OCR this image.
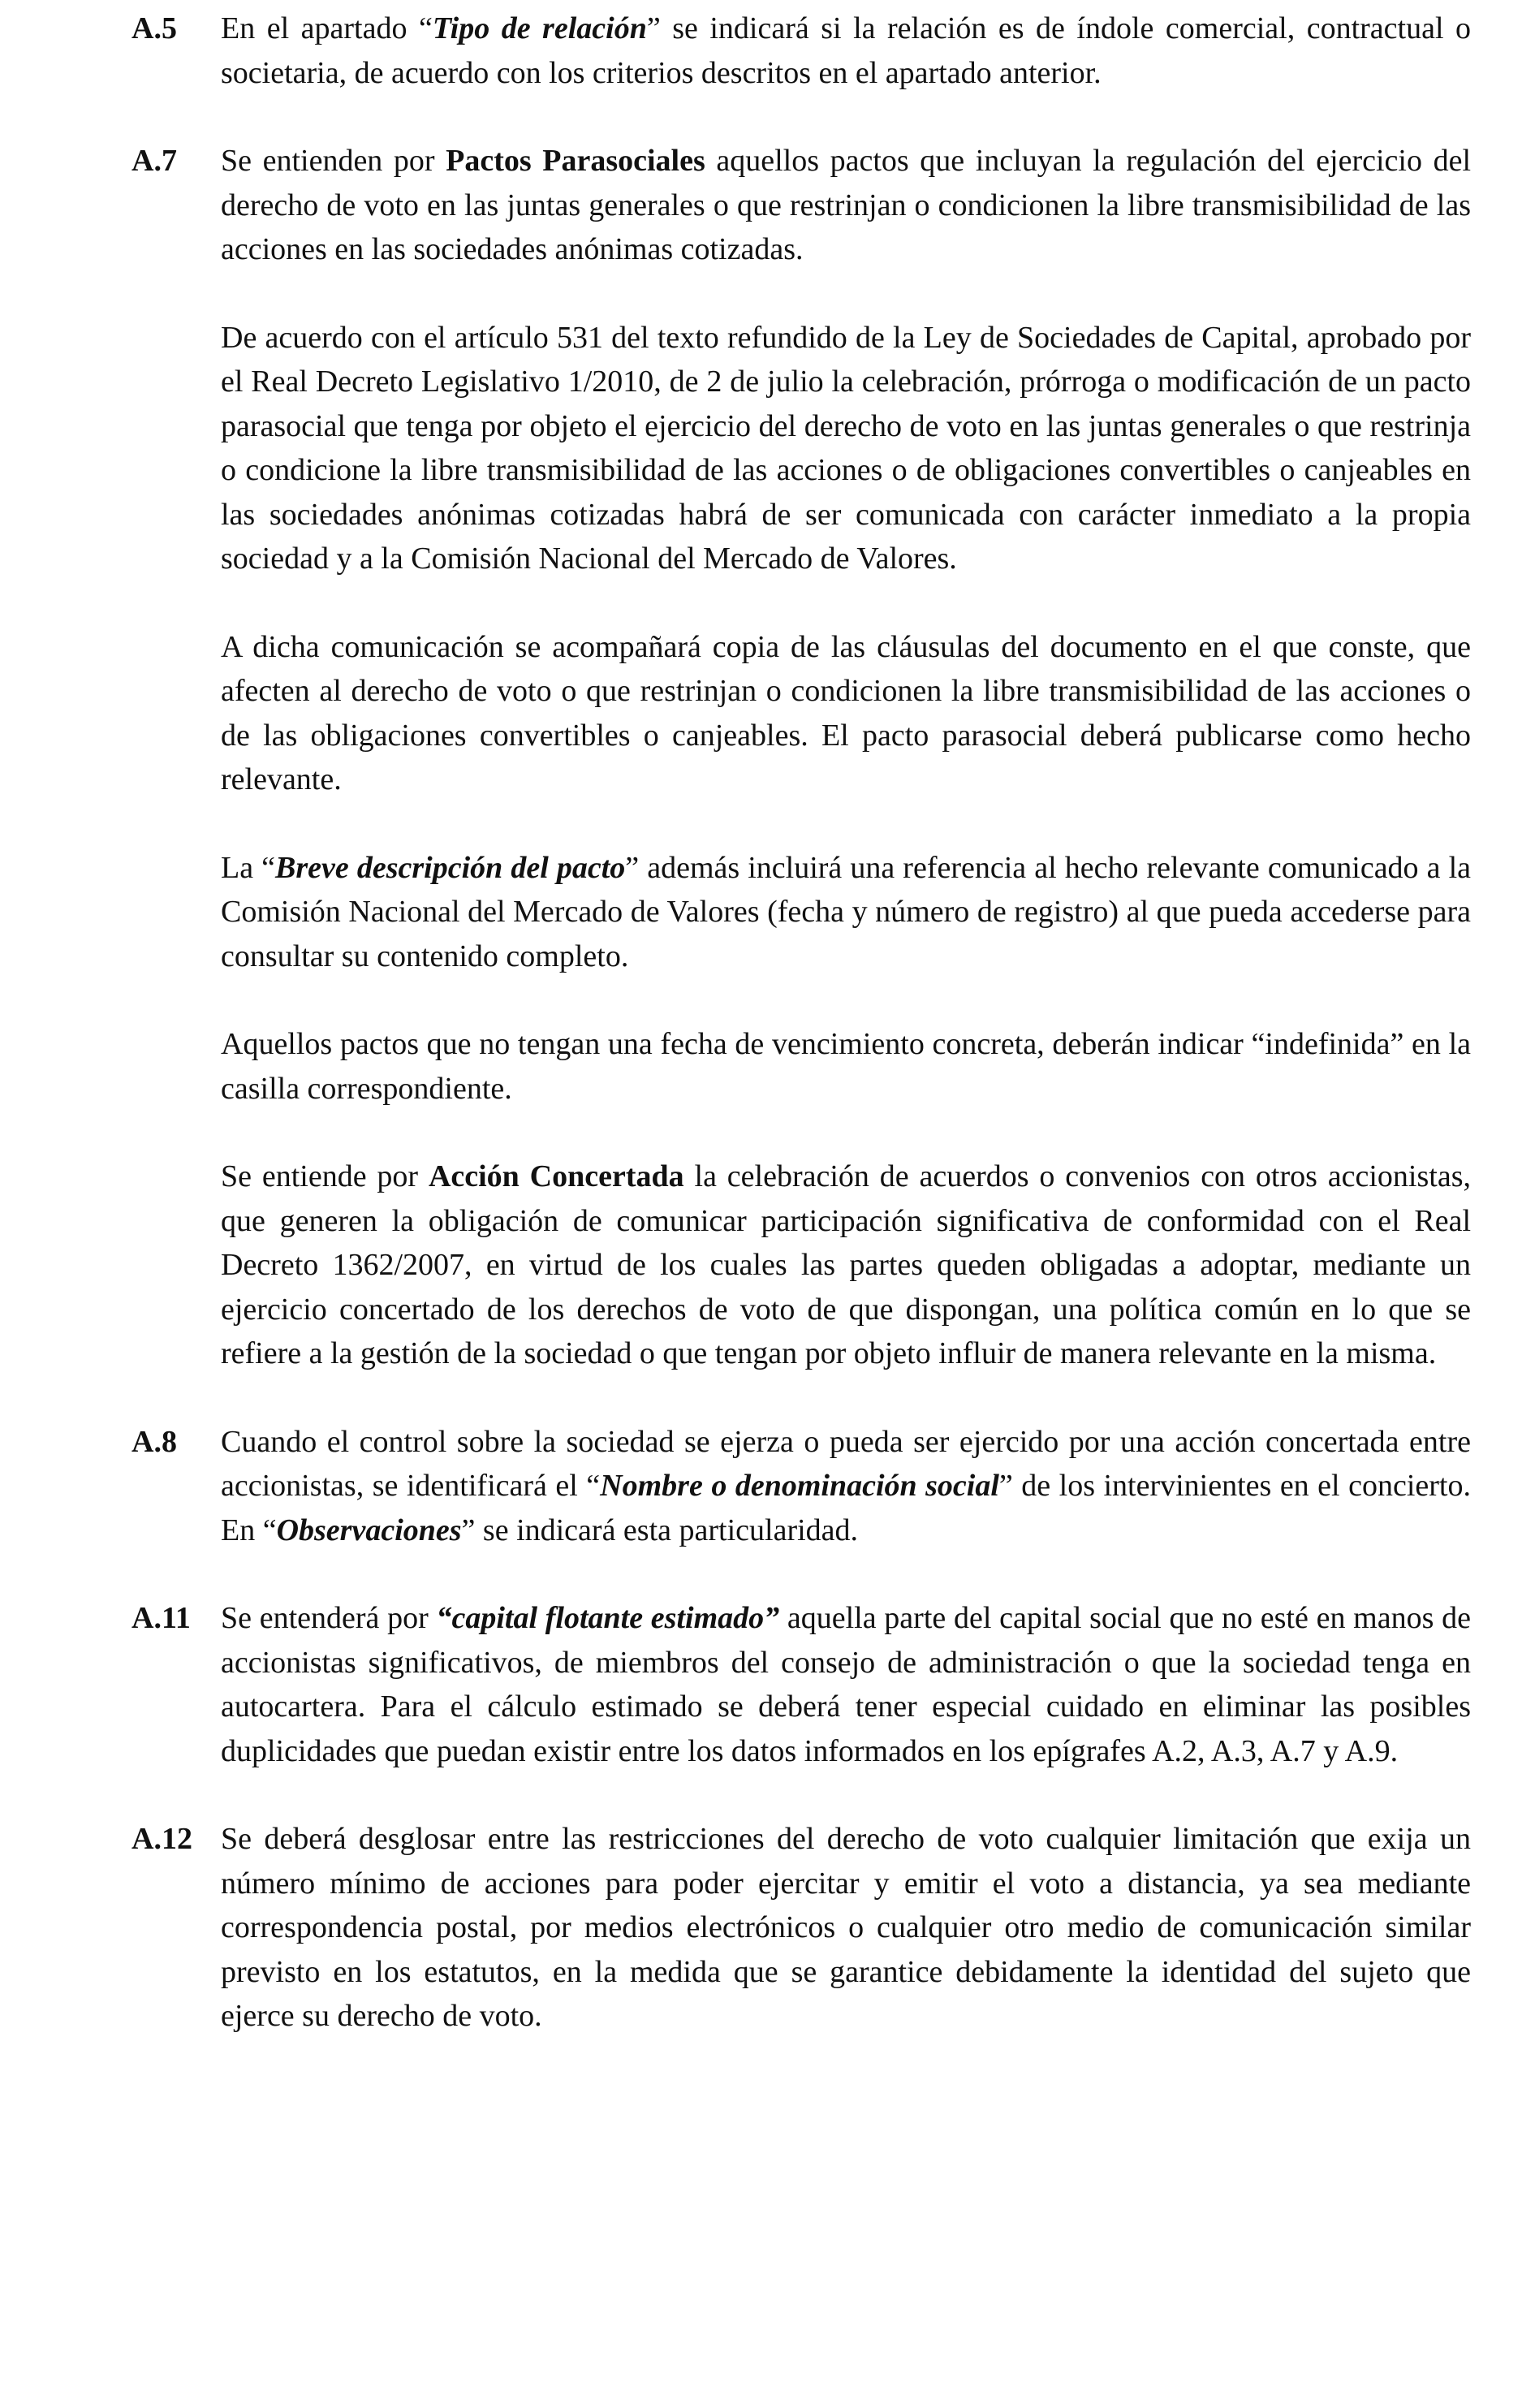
A.5	En el apartado “Tipo de relación” se indicará si la relación es de índole comercial, contractual o societaria, de acuerdo con los criterios descritos en el apartado anterior.

A.7	Se entienden por Pactos Parasociales aquellos pactos que incluyan la regulación del ejercicio del derecho de voto en las juntas generales o que restrinjan o condicionen la libre transmisibilidad de las acciones en las sociedades anónimas cotizadas.

De acuerdo con el artículo 531 del texto refundido de la Ley de Sociedades de Capital, aprobado por el Real Decreto Legislativo 1/2010, de 2 de julio la celebración, prórroga o modificación de un pacto parasocial que tenga por objeto el ejercicio del derecho de voto en las juntas generales o que restrinja o condicione la libre transmisibilidad de las acciones o de obligaciones convertibles o canjeables en las sociedades anónimas cotizadas habrá de ser comunicada con carácter inmediato a la propia sociedad y a la Comisión Nacional del Mercado de Valores.

A dicha comunicación se acompañará copia de las cláusulas del documento en el que conste, que afecten al derecho de voto o que restrinjan o condicionen la libre transmisibilidad de las acciones o de las obligaciones convertibles o canjeables. El pacto parasocial deberá publicarse como hecho relevante.

La “Breve descripción del pacto” además incluirá una referencia al hecho relevante comunicado a la Comisión Nacional del Mercado de Valores (fecha y número de registro) al que pueda accederse para consultar su contenido completo.

Aquellos pactos que no tengan una fecha de vencimiento concreta, deberán indicar “indefinida” en la casilla correspondiente.

Se entiende por Acción Concertada la celebración de acuerdos o convenios con otros accionistas, que generen la obligación de comunicar participación significativa de conformidad con el Real Decreto 1362/2007, en virtud de los cuales las partes queden obligadas a adoptar, mediante un ejercicio concertado de los derechos de voto de que dispongan, una política común en lo que se refiere a la gestión de la sociedad o que tengan por objeto influir de manera relevante en la misma.

A.8	Cuando el control sobre la sociedad se ejerza o pueda ser ejercido por una acción concertada entre accionistas, se identificará el “Nombre o denominación social” de los intervinientes en el concierto. En “Observaciones” se indicará esta particularidad.

A.11 Se entenderá por “capital flotante estimado” aquella parte del capital social que no esté en manos de accionistas significativos, de miembros del consejo de administración o que la sociedad tenga en autocartera. Para el cálculo estimado se deberá tener especial cuidado en eliminar las posibles duplicidades que puedan existir entre los datos informados en los epígrafes A.2, A.3, A.7 y A.9.

A.12 Se deberá desglosar entre las restricciones del derecho de voto cualquier limitación que exija un número mínimo de acciones para poder ejercitar y emitir el voto a distancia, ya sea mediante correspondencia postal, por medios electrónicos o cualquier otro medio de comunicación similar previsto en los estatutos, en la medida que se garantice debidamente la identidad del sujeto que ejerce su derecho de voto.
